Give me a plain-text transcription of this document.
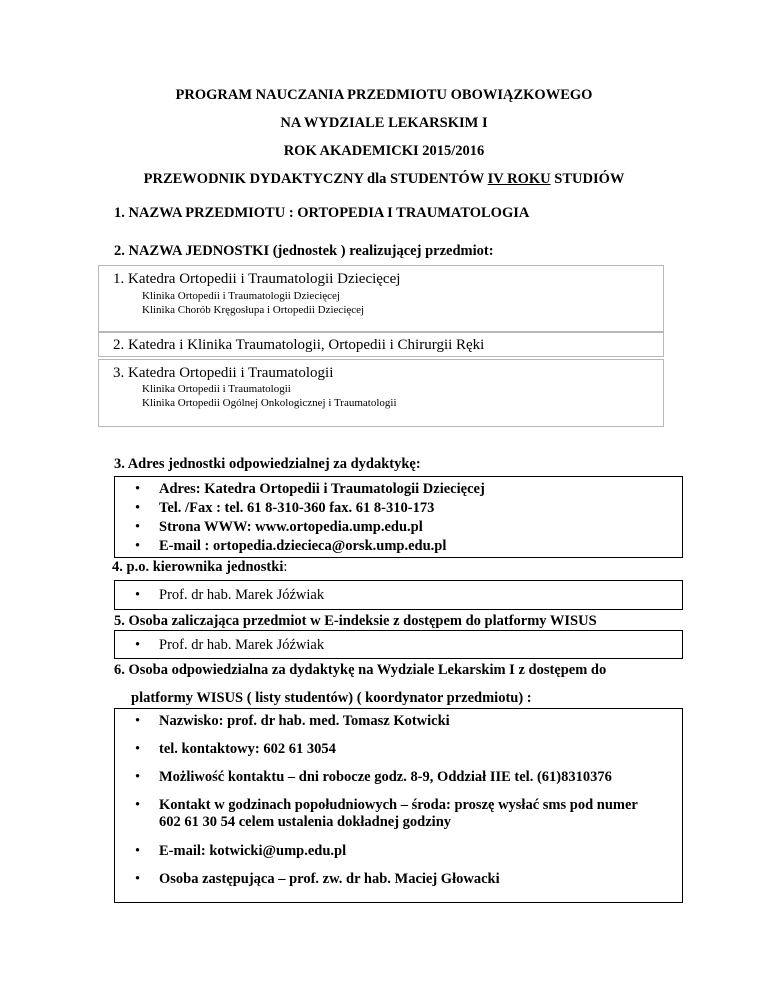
PROGRAM NAUCZANIA PRZEDMIOTU OBOWIĄZKOWEGO
NA WYDZIALE LEKARSKIM I
ROK AKADEMICKI 2015/2016
PRZEWODNIK DYDAKTYCZNY dla STUDENTÓW IV ROKU STUDIÓW
1. NAZWA PRZEDMIOTU : ORTOPEDIA I TRAUMATOLOGIA
2. NAZWA JEDNOSTKI (jednostek ) realizującej przedmiot:
1. Katedra Ortopedii i Traumatologii Dziecięcej
Klinika Ortopedii i Traumatologii Dziecięcej
Klinika Chorób Kręgosłupa i Ortopedii Dziecięcej
2. Katedra i Klinika Traumatologii, Ortopedii i Chirurgii Ręki
3. Katedra Ortopedii i Traumatologii
Klinika Ortopedii i Traumatologii
Klinika Ortopedii Ogólnej Onkologicznej i Traumatologii
3. Adres jednostki odpowiedzialnej za dydaktykę:
• Adres: Katedra Ortopedii i Traumatologii Dziecięcej
• Tel. /Fax : tel. 61 8-310-360 fax. 61 8-310-173
• Strona WWW: www.ortopedia.ump.edu.pl
• E-mail : ortopedia.dziecieca@orsk.ump.edu.pl
4. p.o. kierownika jednostki:
• Prof. dr hab. Marek Jóźwiak
5. Osoba zaliczająca przedmiot w E-indeksie z dostępem do platformy WISUS
• Prof. dr hab. Marek Jóźwiak
6. Osoba odpowiedzialna za dydaktykę na Wydziale Lekarskim I z dostępem do
platformy WISUS ( listy studentów) ( koordynator przedmiotu) :
• Nazwisko: prof. dr hab. med. Tomasz Kotwicki
• tel. kontaktowy: 602 61 3054
• Możliwość kontaktu – dni robocze godz. 8-9, Oddział IIE tel. (61)8310376
• Kontakt w godzinach popołudniowych – środa: proszę wysłać sms pod numer
602 61 30 54 celem ustalenia dokładnej godziny
• E-mail: kotwicki@ump.edu.pl
• Osoba zastępująca – prof. zw. dr hab. Maciej Głowacki
